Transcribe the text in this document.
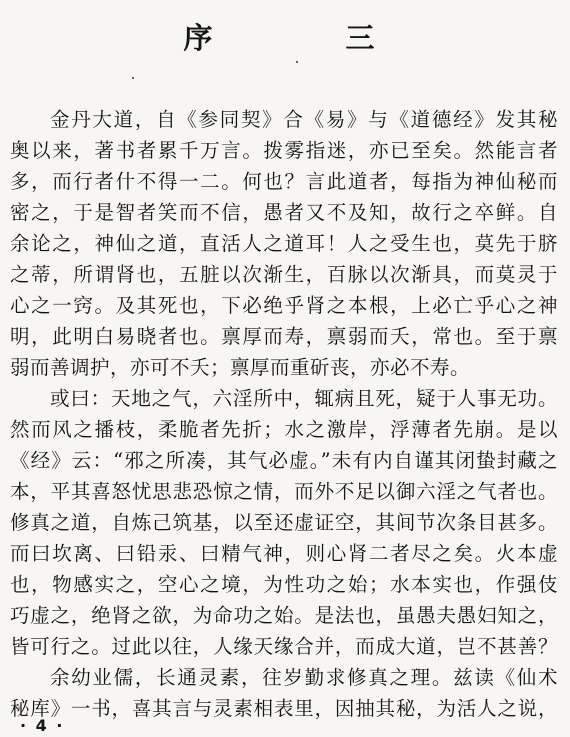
序　三
金丹大道，自《参同契》合《易》与《道德经》发其秘
奥以来，著书者累千万言。拨雾指迷，亦已至矣。然能言者
多，而行者什不得一二。何也？言此道者，每指为神仙秘而
密之，于是智者笑而不信，愚者又不及知，故行之卒鲜。自
余论之，神仙之道，直活人之道耳！人之受生也，莫先于脐
之蒂，所谓肾也，五脏以次渐生，百脉以次渐具，而莫灵于
心之一窍。及其死也，下必绝乎肾之本根，上必亡乎心之神
明，此明白易晓者也。禀厚而寿，禀弱而夭，常也。至于禀
弱而善调护，亦可不夭；禀厚而重斫丧，亦必不寿。
或曰：天地之气，六淫所中，辄病且死，疑于人事无功。
然而风之播枝，柔脆者先折；水之激岸，浮薄者先崩。是以
《经》云：“邪之所凑，其气必虚。”未有内自谨其闭蛰封藏之
本，平其喜怒忧思悲恐惊之情，而外不足以御六淫之气者也。
修真之道，自炼己筑基，以至还虚证空，其间节次条目甚多。
而曰坎离、曰铅汞、曰精气神，则心肾二者尽之矣。火本虚
也，物感实之，空心之境，为性功之始；水本实也，作强伎
巧虚之，绝肾之欲，为命功之始。是法也，虽愚夫愚妇知之，
皆可行之。过此以往，人缘天缘合并，而成大道，岂不甚善？
余幼业儒，长通灵素，往岁勤求修真之理。兹读《仙术
秘库》一书，喜其言与灵素相表里，因抽其秘，为活人之说，
· 4 ·
